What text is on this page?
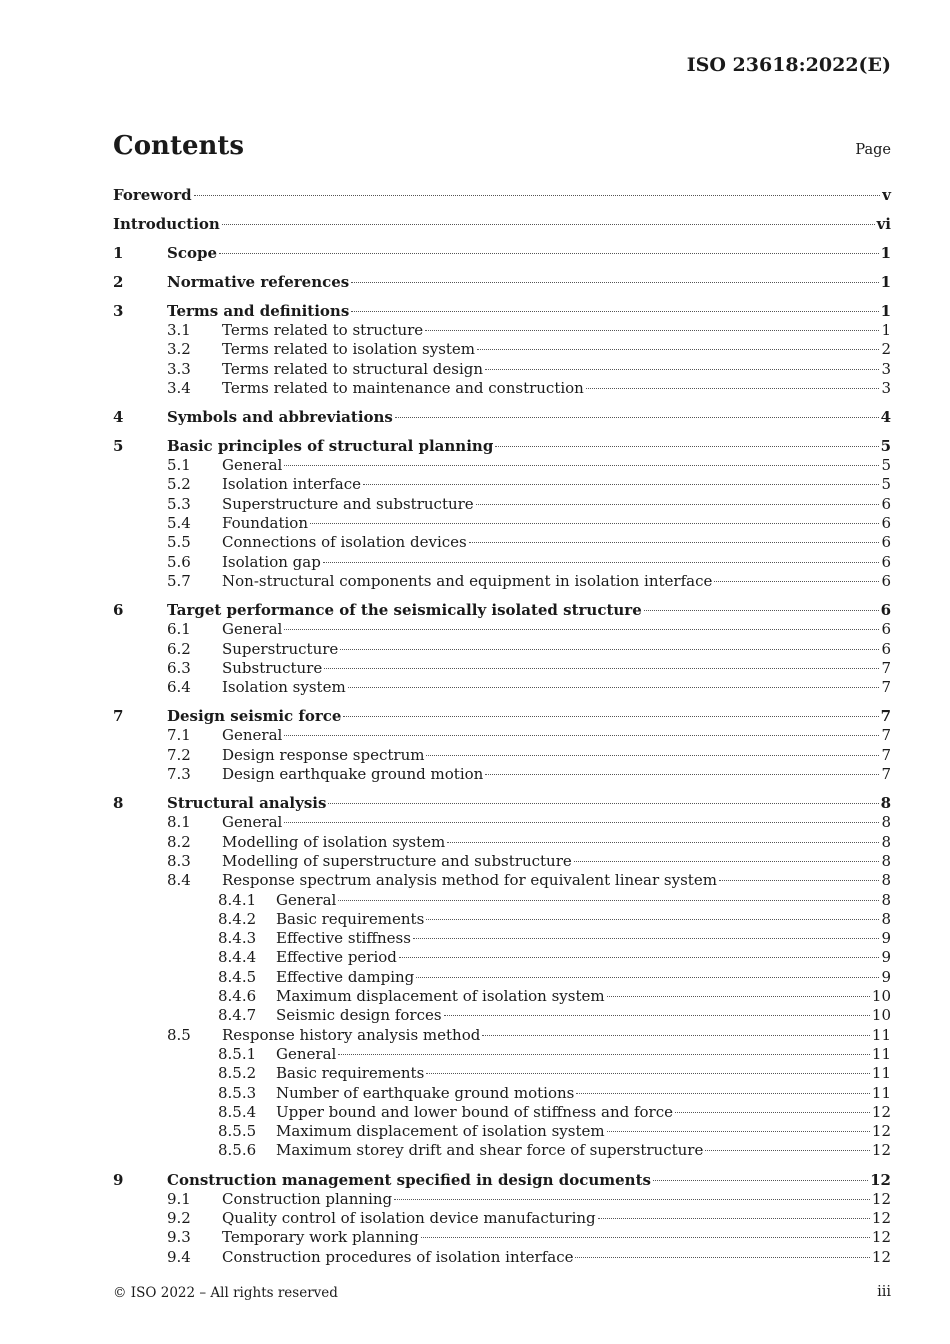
ISO 23618:2022(E)
Contents	Page
Foreword	v
Introduction	vi
1	Scope	1
2	Normative references	1
3	Terms and definitions	1
3.1	Terms related to structure	1
3.2	Terms related to isolation system	2
3.3	Terms related to structural design	3
3.4	Terms related to maintenance and construction	3
4	Symbols and abbreviations	4
5	Basic principles of structural planning	5
5.1	General	5
5.2	Isolation interface	5
5.3	Superstructure and substructure	6
5.4	Foundation	6
5.5	Connections of isolation devices	6
5.6	Isolation gap	6
5.7	Non-structural components and equipment in isolation interface	6
6	Target performance of the seismically isolated structure	6
6.1	General	6
6.2	Superstructure	6
6.3	Substructure	7
6.4	Isolation system	7
7	Design seismic force	7
7.1	General	7
7.2	Design response spectrum	7
7.3	Design earthquake ground motion	7
8	Structural analysis	8
8.1	General	8
8.2	Modelling of isolation system	8
8.3	Modelling of superstructure and substructure	8
8.4	Response spectrum analysis method for equivalent linear system	8
8.4.1	General	8
8.4.2	Basic requirements	8
8.4.3	Effective stiffness	9
8.4.4	Effective period	9
8.4.5	Effective damping	9
8.4.6	Maximum displacement of isolation system	10
8.4.7	Seismic design forces	10
8.5	Response history analysis method	11
8.5.1	General	11
8.5.2	Basic requirements	11
8.5.3	Number of earthquake ground motions	11
8.5.4	Upper bound and lower bound of stiffness and force	12
8.5.5	Maximum displacement of isolation system	12
8.5.6	Maximum storey drift and shear force of superstructure	12
9	Construction management specified in design documents	12
9.1	Construction planning	12
9.2	Quality control of isolation device manufacturing	12
9.3	Temporary work planning	12
9.4	Construction procedures of isolation interface	12
© ISO 2022 – All rights reserved	iii
